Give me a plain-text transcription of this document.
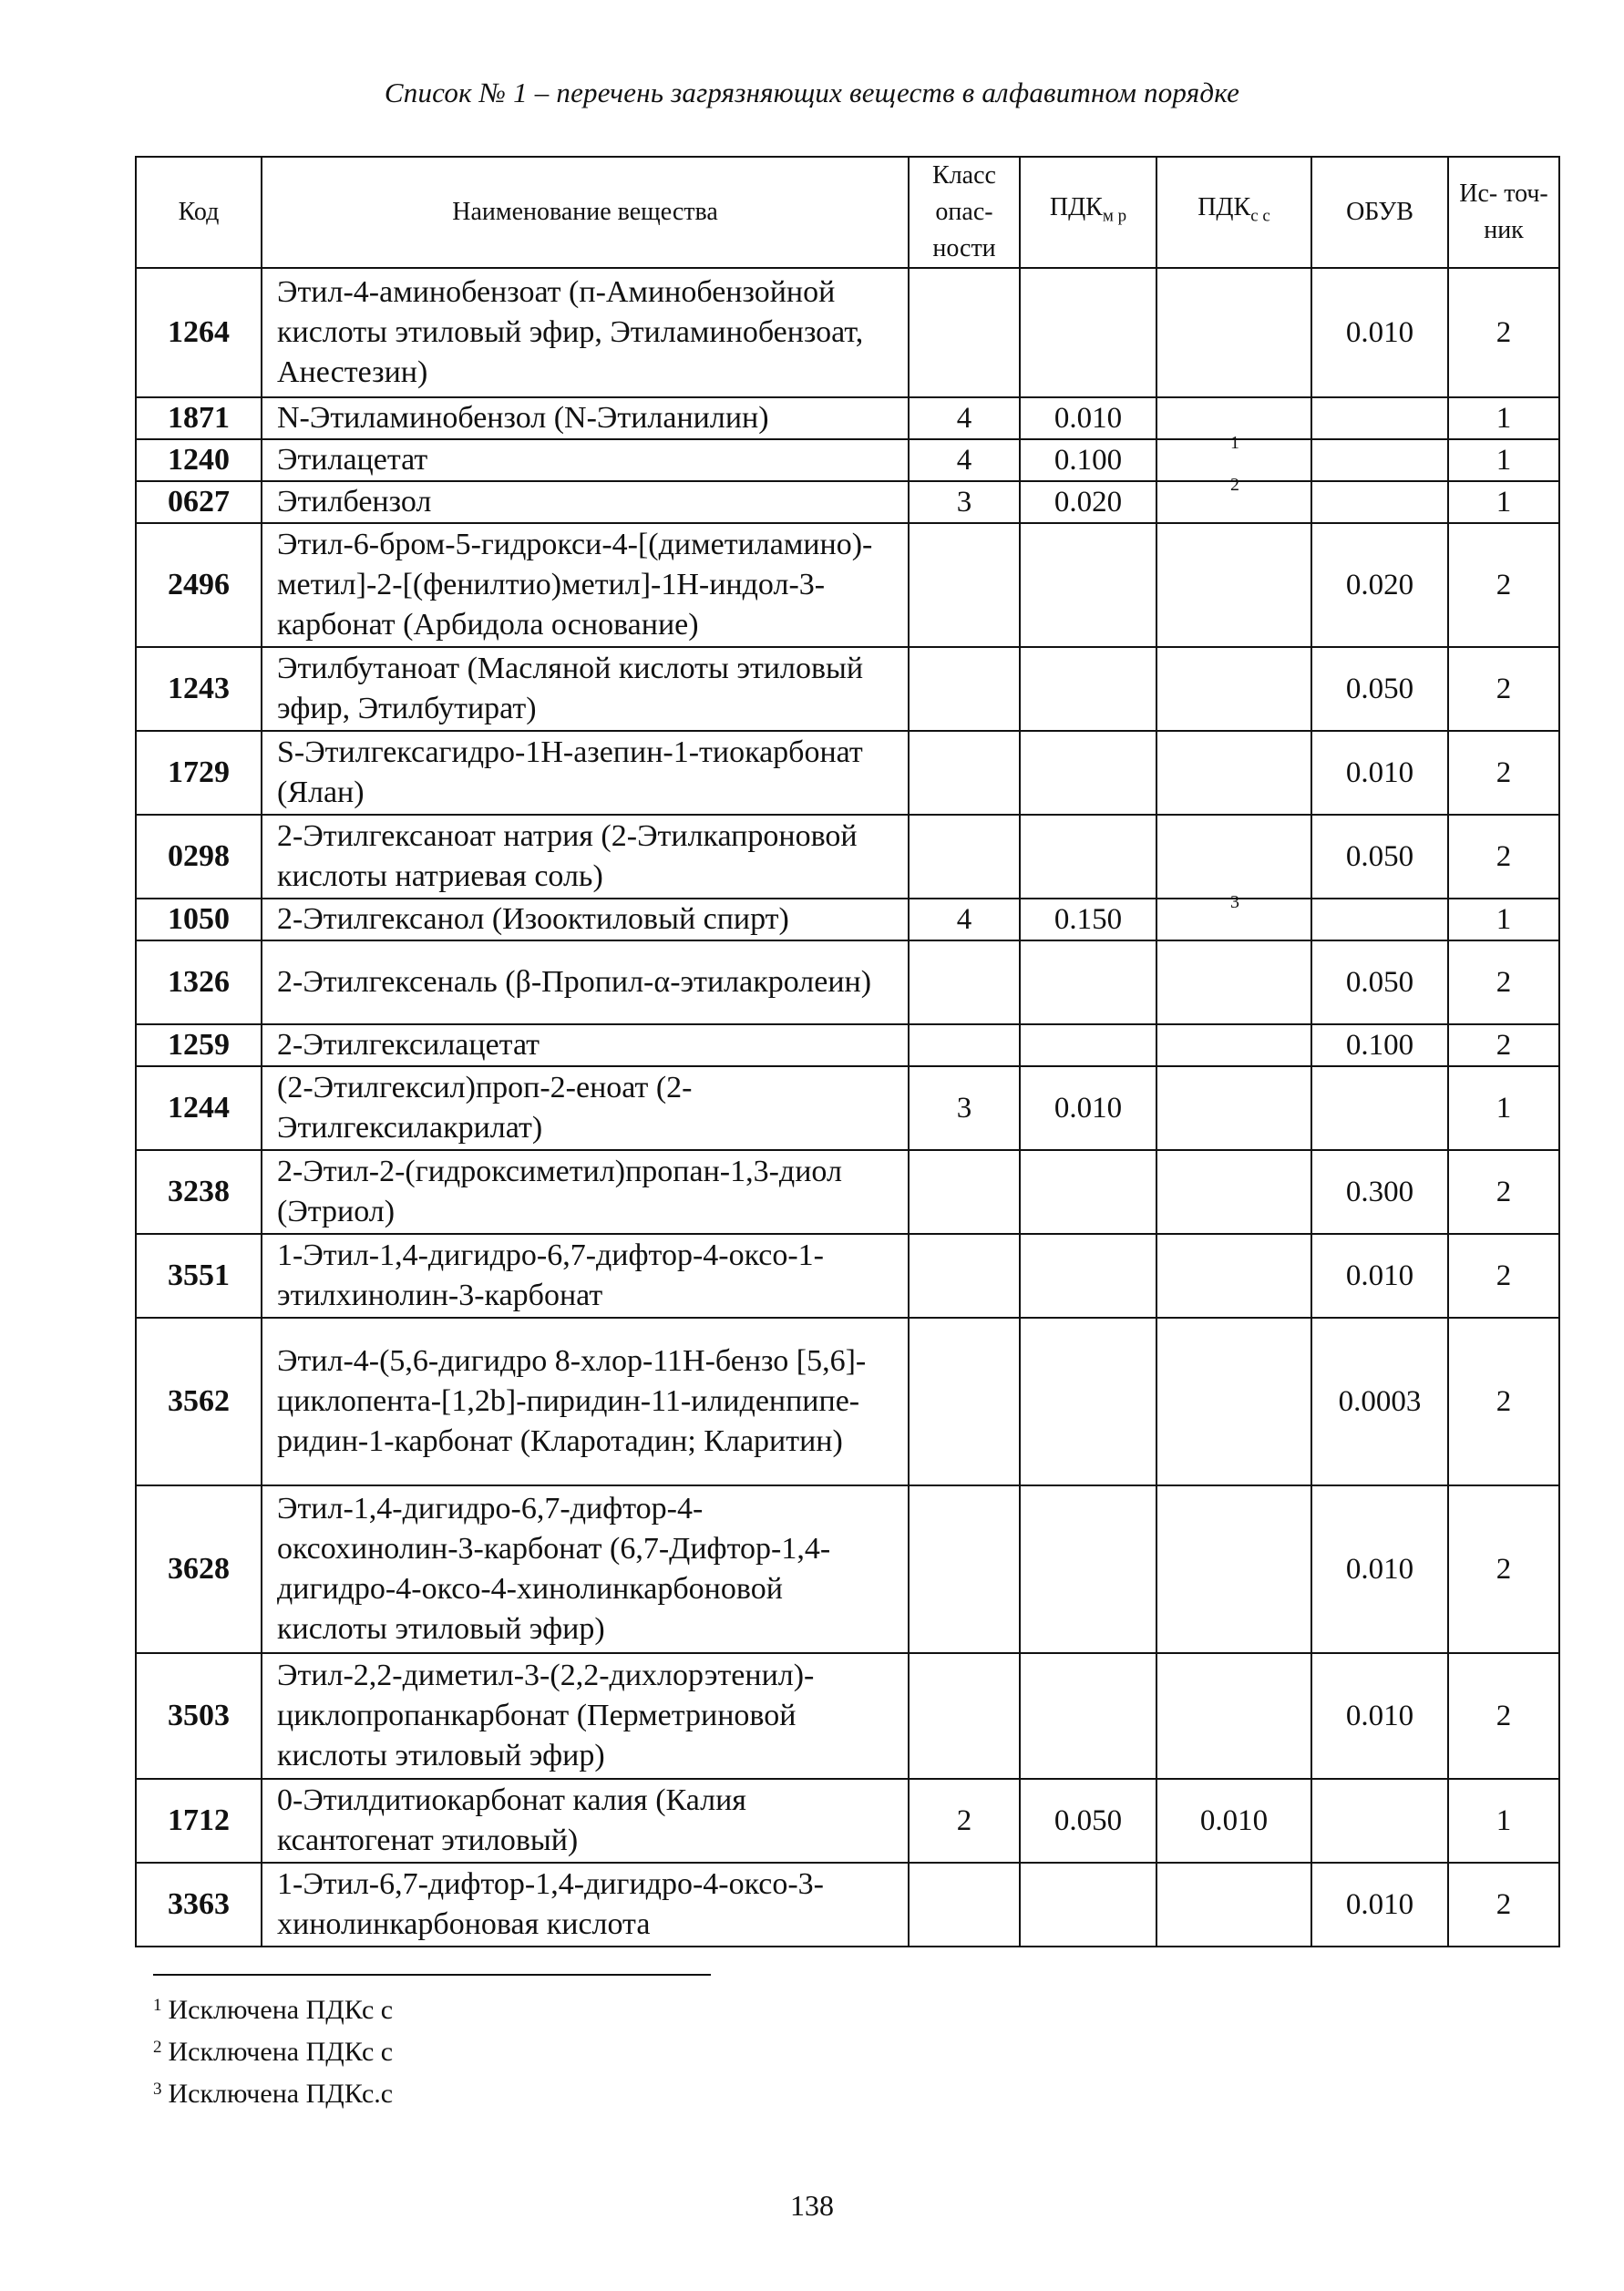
Список № 1 – перечень загрязняющих веществ в алфавитном порядке
Код	Наименование вещества	Класс опас- ности	$ПДК_{м р}$	$ПДК_{с с}$	ОБУВ	Ис- точ- ник
1264	Этил-4-аминобензоат (п-Аминобензойной кислоты этиловый эфир, Этиламинобензоат, Анестезин)				0.010	2
1871	N-Этиламинобензол (N-Этиланилин)	4	0.010			1
1240	Этилацетат	4	0.100	1		1
0627	Этилбензол	3	0.020	2		1
2496	Этил-6-бром-5-гидрокси-4-[(диметиламино)-метил]-2-[(фенилтио)метил]-1Н-индол-3-карбонат (Арбидола основание)				0.020	2
1243	Этилбутаноат (Масляной кислоты этиловый эфир, Этилбутират)				0.050	2
1729	S-Этилгексагидро-1Н-азепин-1-тиокарбонат (Ялан)				0.010	2
0298	2-Этилгексаноат натрия (2-Этилкапроновой кислоты натриевая соль)				0.050	2
1050	2-Этилгексанол (Изооктиловый спирт)	4	0.150	3		1
1326	2-Этилгексеналь (β-Пропил-α-этилакролеин)				0.050	2
1259	2-Этилгексилацетат				0.100	2
1244	(2-Этилгексил)проп-2-еноат (2-Этилгексилакрилат)	3	0.010			1
3238	2-Этил-2-(гидроксиметил)пропан-1,3-диол (Этриол)				0.300	2
3551	1-Этил-1,4-дигидро-6,7-дифтор-4-оксо-1-этилхинолин-3-карбонат				0.010	2
3562	Этил-4-(5,6-дигидро 8-хлор-11Н-бензо [5,6]-циклопента-[1,2b]-пиридин-11-илиденпипе-ридин-1-карбонат (Кларотадин; Кларитин)				0.0003	2
3628	Этил-1,4-дигидро-6,7-дифтор-4-оксохинолин-3-карбонат (6,7-Дифтор-1,4-дигидро-4-оксо-4-хинолинкарбоновой кислоты этиловый эфир)				0.010	2
3503	Этил-2,2-диметил-3-(2,2-дихлорэтенил)-циклопропанкарбонат (Перметриновой кислоты этиловый эфир)				0.010	2
1712	0-Этилдитиокарбонат калия (Калия ксантогенат этиловый)	2	0.050	0.010		1
3363	1-Этил-6,7-дифтор-1,4-дигидро-4-оксо-3-хинолинкарбоновая кислота				0.010	2
$^1$ Исключена ПДКс с
$^2$ Исключена ПДКс с
$^3$ Исключена ПДКс.с
138
